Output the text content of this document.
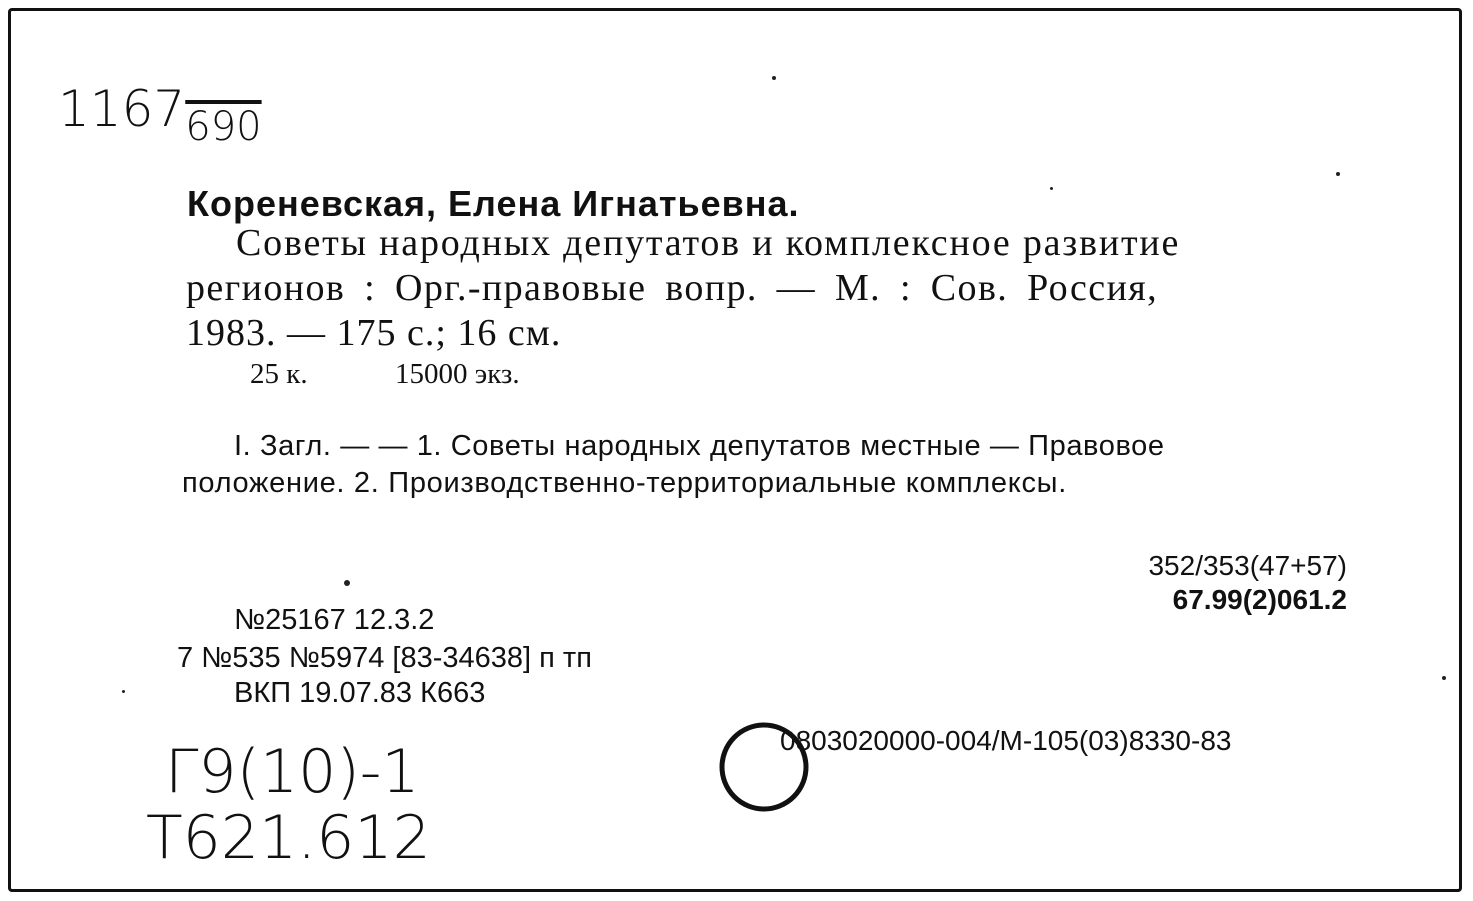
$1167_{690}$
Кореневская, Елена Игнатьевна.
Советы народных депутатов и комплексное развитие
регионов : Орг.-правовые вопр. — М. : Сов. Россия,
1983. — 175 с.; 16 см.
25 к.	15000 экз.
I. Загл. — — 1. Советы народных депутатов местные — Правовое
положение. 2. Производственно-территориальные комплексы.
352/353(47+57)
67.99(2)061.2
№25167 12.3.2
7 №535 №5974 [83-34638] п тп
ВКП 19.07.83 К663
0803020000-004/М-105(03)8330-83
Г9(10)-1
Т621.612
